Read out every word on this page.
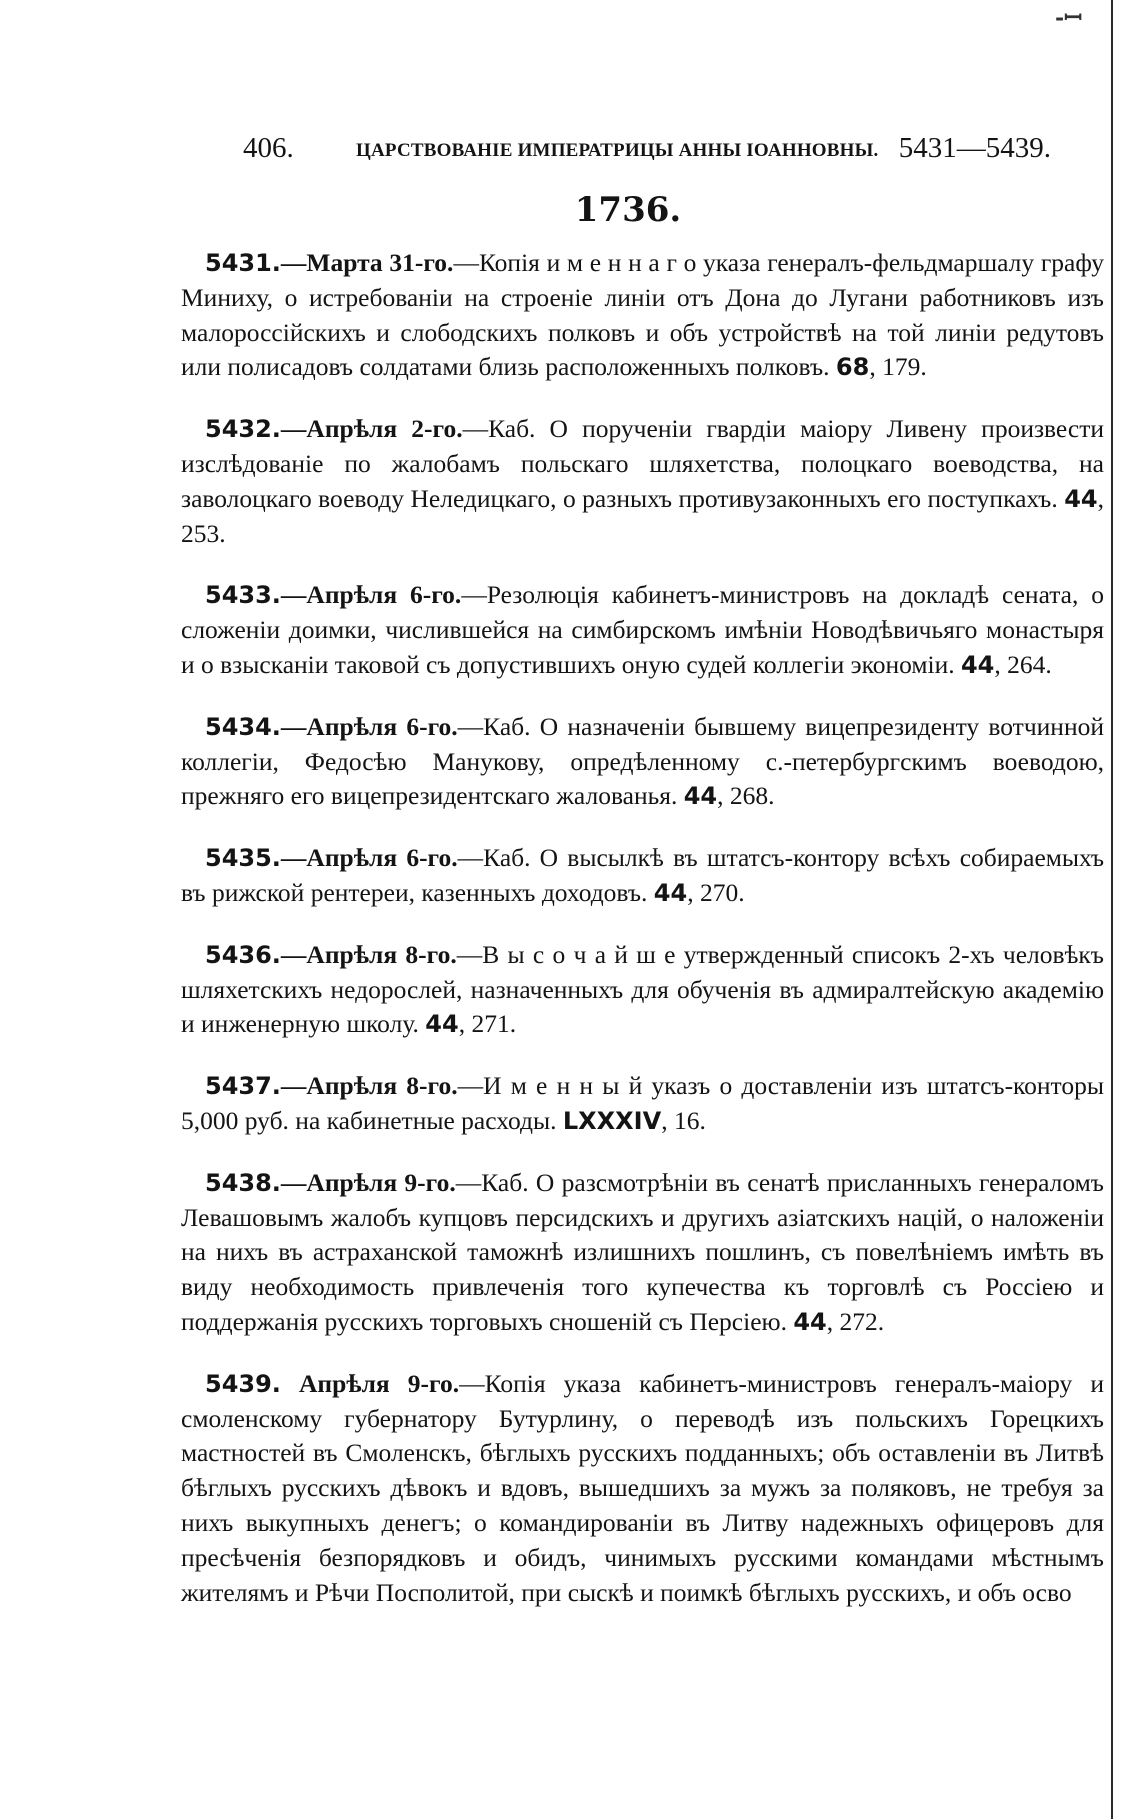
-ꟷ
406.	ЦАРСТВОВАНІЕ ИМПЕРАТРИЦЫ АННЫ ІОАННОВНЫ. 5431—5439.
1736.

5431.—Марта 31-го.—Копія и м е н н а г о указа генералъ-фельдмаршалу графу Миниху, о истребованіи на строеніе линіи отъ Дона до Лугани работниковъ изъ малороссійскихъ и слободскихъ полковъ и объ устройствѣ на той линіи редутовъ или полисадовъ солдатами близь расположенныхъ полковъ. 68, 179.

5432.—Апрѣля 2-го.—Каб. О порученіи гвардіи маіору Ливену произвести изслѣдованіе по жалобамъ польскаго шляхетства, полоцкаго воеводства, на заволоцкаго воеводу Неледицкаго, о разныхъ противузаконныхъ его поступкахъ. 44, 253.

5433.—Апрѣля 6-го.—Резолюція кабинетъ-министровъ на докладѣ сената, о сложеніи доимки, числившейся на симбирскомъ имѣніи Новодѣвичьяго монастыря и о взысканіи таковой съ допустившихъ оную судей коллегіи экономіи. 44, 264.

5434.—Апрѣля 6-го.—Каб. О назначеніи бывшему вицепрезиденту вотчинной коллегіи, Федосѣю Манукову, опредѣленному с.-петербургскимъ воеводою, прежняго его вицепрезидентскаго жалованья. 44, 268.

5435.—Апрѣля 6-го.—Каб. О высылкѣ въ штатсъ-контору всѣхъ собираемыхъ въ рижской рентереи, казенныхъ доходовъ. 44, 270.

5436.—Апрѣля 8-го.—В ы с о ч а й ш е утвержденный списокъ 2-хъ человѣкъ шляхетскихъ недорослей, назначенныхъ для обученія въ адмиралтейскую академію и инженерную школу. 44, 271.

5437.—Апрѣля 8-го.—И м е н н ы й указъ о доставленіи изъ штатсъ-конторы 5,000 руб. на кабинетные расходы. LXXXIV, 16.

5438.—Апрѣля 9-го.—Каб. О разсмотрѣніи въ сенатѣ присланныхъ генераломъ Левашовымъ жалобъ купцовъ персидскихъ и другихъ азіатскихъ націй, о наложеніи на нихъ въ астраханской таможнѣ излишнихъ пошлинъ, съ повелѣніемъ имѣть въ виду необходимость привлеченія того купечества къ торговлѣ съ Россіею и поддержанія русскихъ торговыхъ сношеній съ Персіею. 44, 272.

5439. Апрѣля 9-го.—Копія указа кабинетъ-министровъ генералъ-маіору и смоленскому губернатору Бутурлину, о переводѣ изъ польскихъ Горецкихъ мастностей въ Смоленскъ, бѣглыхъ русскихъ подданныхъ; объ оставленіи въ Литвѣ бѣглыхъ русскихъ дѣвокъ и вдовъ, вышедшихъ за мужъ за поляковъ, не требуя за нихъ выкупныхъ денегъ; о командированіи въ Литву надежныхъ офицеровъ для пресѣченія безпорядковъ и обидъ, чинимыхъ русскими командами мѣстнымъ жителямъ и Рѣчи Посполитой, при сыскѣ и поимкѣ бѣглыхъ русскихъ, и объ осво
